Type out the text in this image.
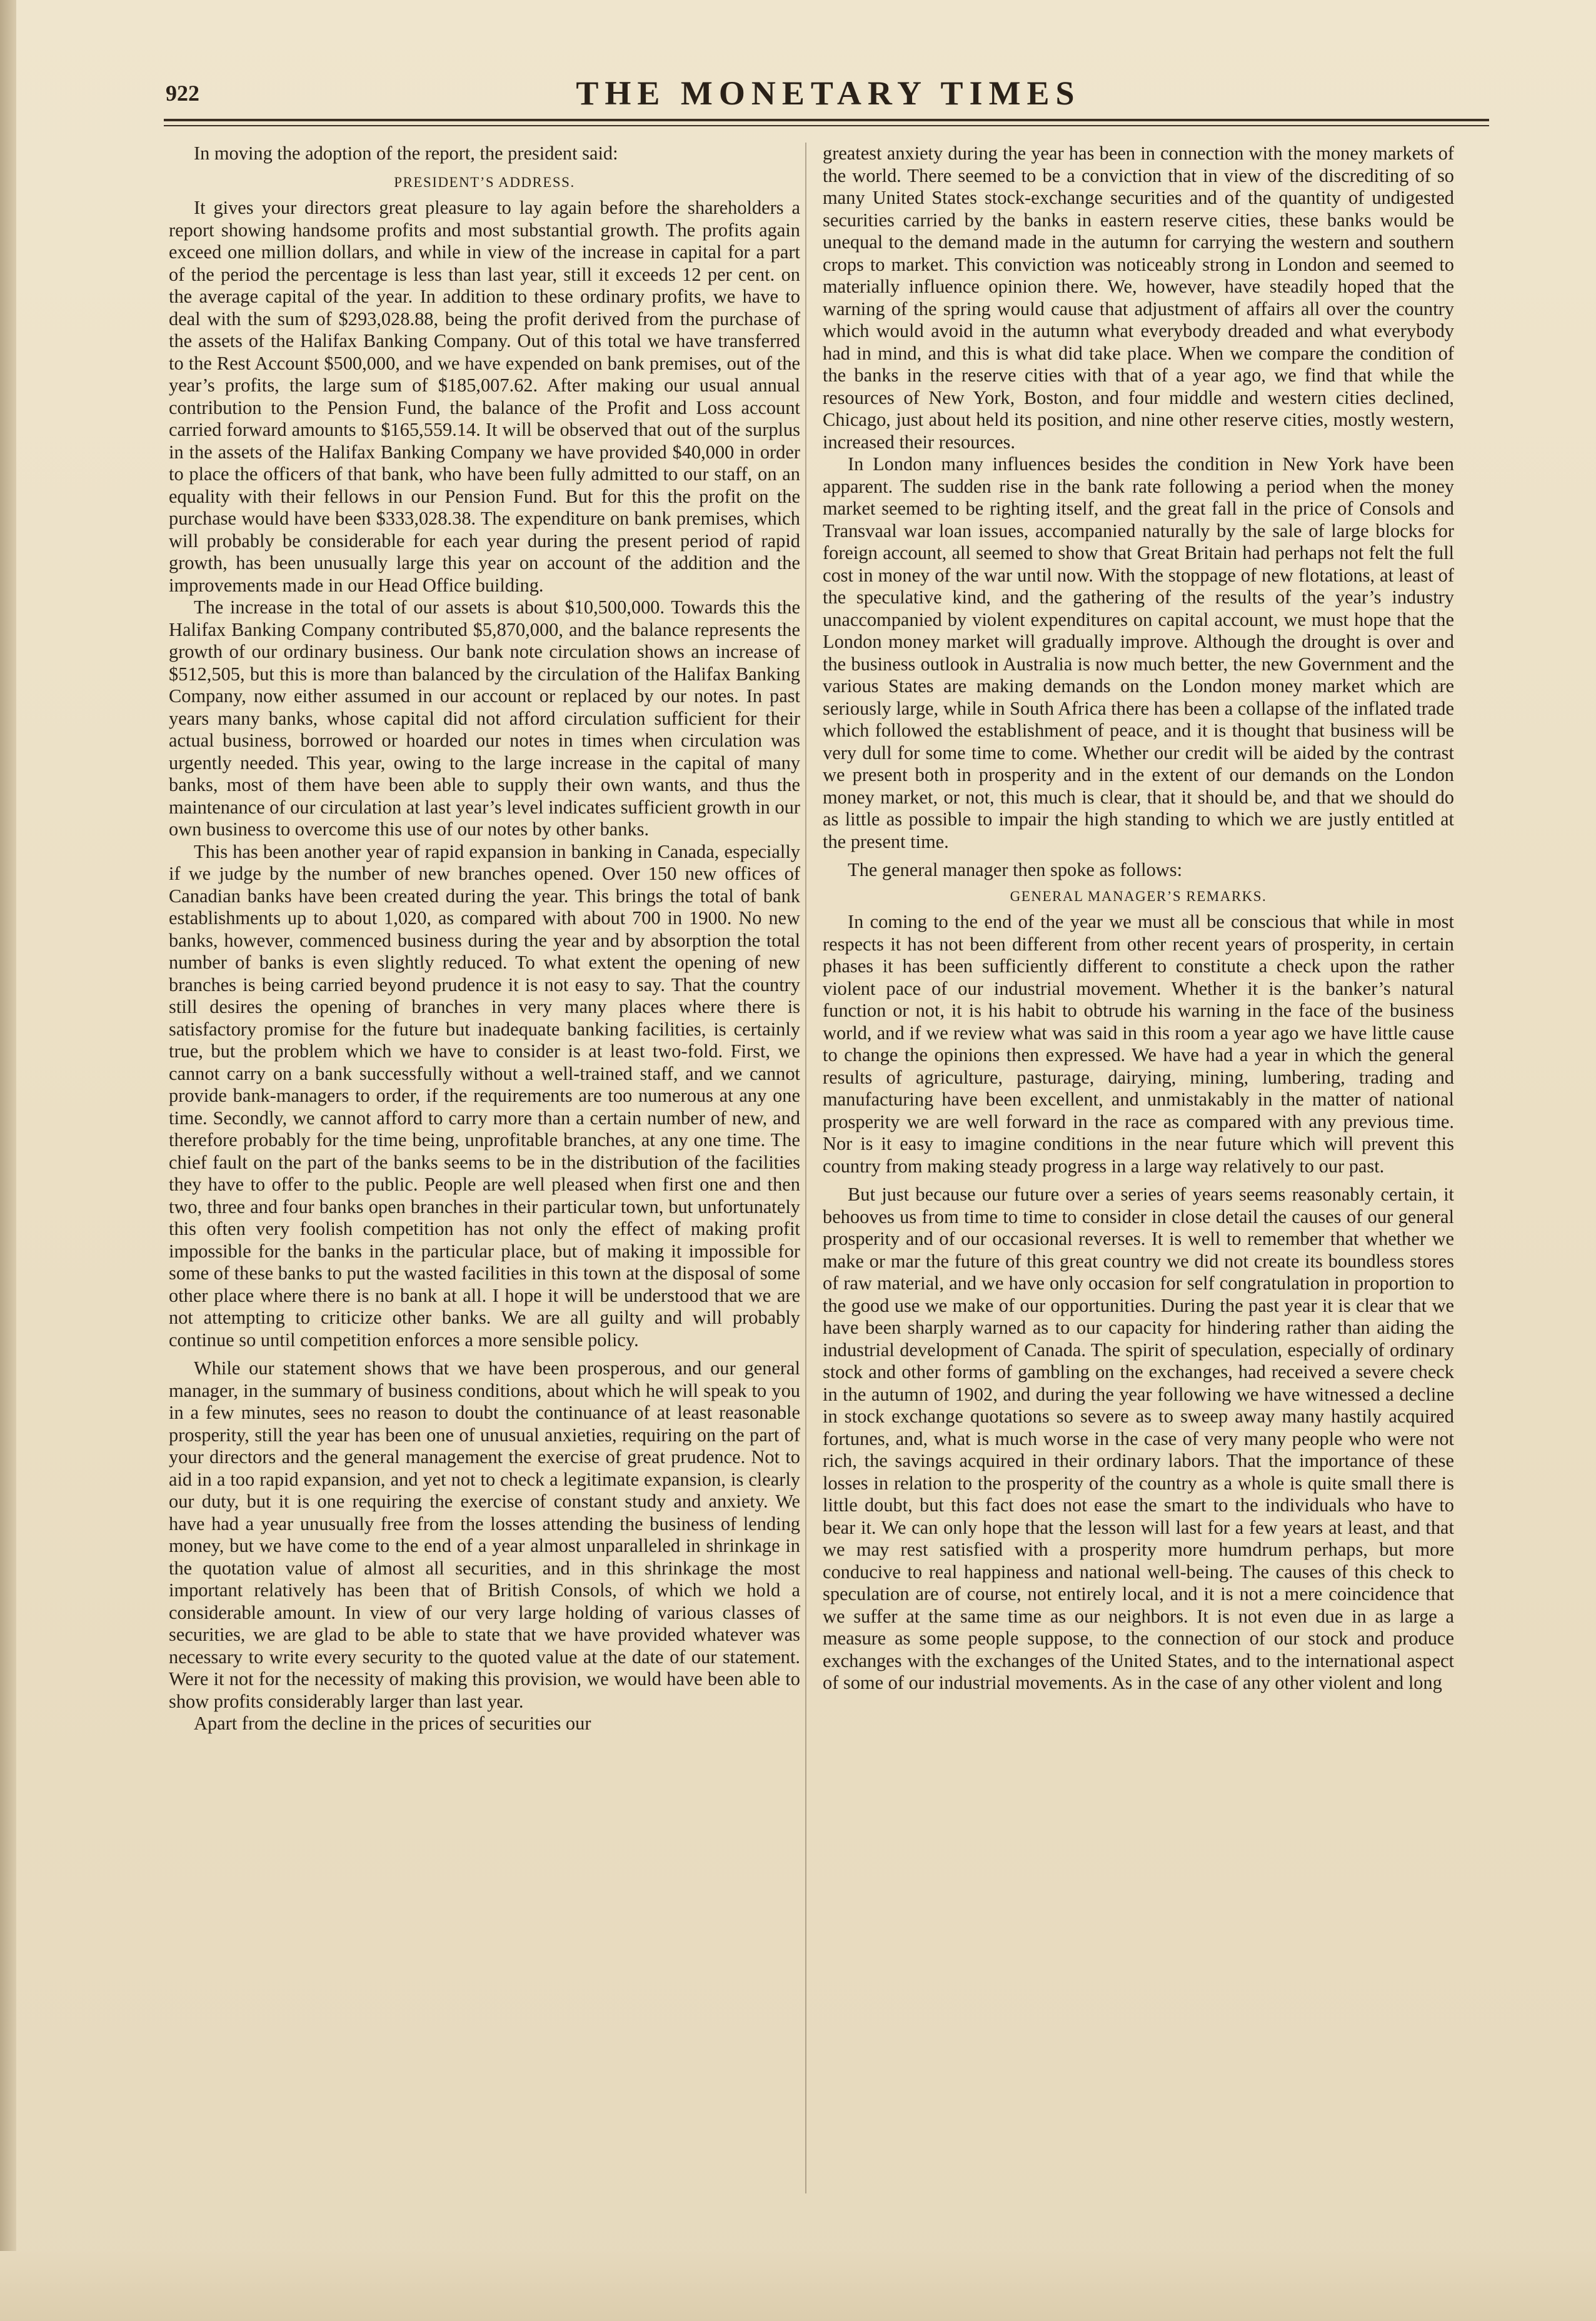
922	THE MONETARY TIMES

In moving the adoption of the report, the president said:

PRESIDENT’S ADDRESS.

It gives your directors great pleasure to lay again before the shareholders a report showing handsome profits and most substantial growth. The profits again exceed one million dollars, and while in view of the increase in capital for a part of the period the percentage is less than last year, still it exceeds 12 per cent. on the average capital of the year. In addition to these ordinary profits, we have to deal with the sum of $293,028.88, being the profit derived from the purchase of the assets of the Halifax Banking Company. Out of this total we have transferred to the Rest Account $500,000, and we have expended on bank premises, out of the year’s profits, the large sum of $185,007.62. After making our usual annual contribution to the Pension Fund, the balance of the Profit and Loss account carried forward amounts to $165,559.14. It will be observed that out of the surplus in the assets of the Halifax Banking Company we have provided $40,000 in order to place the officers of that bank, who have been fully admitted to our staff, on an equality with their fellows in our Pension Fund. But for this the profit on the purchase would have been $333,028.38. The expenditure on bank premises, which will probably be considerable for each year during the present period of rapid growth, has been unusually large this year on account of the addition and the improvements made in our Head Office building.

The increase in the total of our assets is about $10,500,000. Towards this the Halifax Banking Company contributed $5,870,000, and the balance represents the growth of our ordinary business. Our bank note circulation shows an increase of $512,505, but this is more than balanced by the circulation of the Halifax Banking Company, now either assumed in our account or replaced by our notes. In past years many banks, whose capital did not afford circulation sufficient for their actual business, borrowed or hoarded our notes in times when circulation was urgently needed. This year, owing to the large increase in the capital of many banks, most of them have been able to supply their own wants, and thus the maintenance of our circulation at last year’s level indicates sufficient growth in our own business to overcome this use of our notes by other banks.

This has been another year of rapid expansion in banking in Canada, especially if we judge by the number of new branches opened. Over 150 new offices of Canadian banks have been created during the year. This brings the total of bank establishments up to about 1,020, as compared with about 700 in 1900. No new banks, however, commenced business during the year and by absorption the total number of banks is even slightly reduced. To what extent the opening of new branches is being carried beyond prudence it is not easy to say. That the country still desires the opening of branches in very many places where there is satisfactory promise for the future but inadequate banking facilities, is certainly true, but the problem which we have to consider is at least two-fold. First, we cannot carry on a bank successfully without a well-trained staff, and we cannot provide bank-managers to order, if the requirements are too numerous at any one time. Secondly, we cannot afford to carry more than a certain number of new, and therefore probably for the time being, unprofitable branches, at any one time. The chief fault on the part of the banks seems to be in the distribution of the facilities they have to offer to the public. People are well pleased when first one and then two, three and four banks open branches in their particular town, but unfortunately this often very foolish competition has not only the effect of making profit impossible for the banks in the particular place, but of making it impossible for some of these banks to put the wasted facilities in this town at the disposal of some other place where there is no bank at all. I hope it will be understood that we are not attempting to criticize other banks. We are all guilty and will probably continue so until competition enforces a more sensible policy.

While our statement shows that we have been prosperous, and our general manager, in the summary of business conditions, about which he will speak to you in a few minutes, sees no reason to doubt the continuance of at least reasonable prosperity, still the year has been one of unusual anxieties, requiring on the part of your directors and the general management the exercise of great prudence. Not to aid in a too rapid expansion, and yet not to check a legitimate expansion, is clearly our duty, but it is one requiring the exercise of constant study and anxiety. We have had a year unusually free from the losses attending the business of lending money, but we have come to the end of a year almost unparalleled in shrinkage in the quotation value of almost all securities, and in this shrinkage the most important relatively has been that of British Consols, of which we hold a considerable amount. In view of our very large holding of various classes of securities, we are glad to be able to state that we have provided whatever was necessary to write every security to the quoted value at the date of our statement. Were it not for the necessity of making this provision, we would have been able to show profits considerably larger than last year.

Apart from the decline in the prices of securities our

greatest anxiety during the year has been in connection with the money markets of the world. There seemed to be a conviction that in view of the discrediting of so many United States stock-exchange securities and of the quantity of undigested securities carried by the banks in eastern reserve cities, these banks would be unequal to the demand made in the autumn for carrying the western and southern crops to market. This conviction was noticeably strong in London and seemed to materially influence opinion there. We, however, have steadily hoped that the warning of the spring would cause that adjustment of affairs all over the country which would avoid in the autumn what everybody dreaded and what everybody had in mind, and this is what did take place. When we compare the condition of the banks in the reserve cities with that of a year ago, we find that while the resources of New York, Boston, and four middle and western cities declined, Chicago, just about held its position, and nine other reserve cities, mostly western, increased their resources.

In London many influences besides the condition in New York have been apparent. The sudden rise in the bank rate following a period when the money market seemed to be righting itself, and the great fall in the price of Consols and Transvaal war loan issues, accompanied naturally by the sale of large blocks for foreign account, all seemed to show that Great Britain had perhaps not felt the full cost in money of the war until now. With the stoppage of new flotations, at least of the speculative kind, and the gathering of the results of the year’s industry unaccompanied by violent expenditures on capital account, we must hope that the London money market will gradually improve. Although the drought is over and the business outlook in Australia is now much better, the new Government and the various States are making demands on the London money market which are seriously large, while in South Africa there has been a collapse of the inflated trade which followed the establishment of peace, and it is thought that business will be very dull for some time to come. Whether our credit will be aided by the contrast we present both in prosperity and in the extent of our demands on the London money market, or not, this much is clear, that it should be, and that we should do as little as possible to impair the high standing to which we are justly entitled at the present time.

The general manager then spoke as follows:

GENERAL MANAGER’S REMARKS.

In coming to the end of the year we must all be conscious that while in most respects it has not been different from other recent years of prosperity, in certain phases it has been sufficiently different to constitute a check upon the rather violent pace of our industrial movement. Whether it is the banker’s natural function or not, it is his habit to obtrude his warning in the face of the business world, and if we review what was said in this room a year ago we have little cause to change the opinions then expressed. We have had a year in which the general results of agriculture, pasturage, dairying, mining, lumbering, trading and manufacturing have been excellent, and unmistakably in the matter of national prosperity we are well forward in the race as compared with any previous time. Nor is it easy to imagine conditions in the near future which will prevent this country from making steady progress in a large way relatively to our past.

But just because our future over a series of years seems reasonably certain, it behooves us from time to time to consider in close detail the causes of our general prosperity and of our occasional reverses. It is well to remember that whether we make or mar the future of this great country we did not create its boundless stores of raw material, and we have only occasion for self congratulation in proportion to the good use we make of our opportunities. During the past year it is clear that we have been sharply warned as to our capacity for hindering rather than aiding the industrial development of Canada. The spirit of speculation, especially of ordinary stock and other forms of gambling on the exchanges, had received a severe check in the autumn of 1902, and during the year following we have witnessed a decline in stock exchange quotations so severe as to sweep away many hastily acquired fortunes, and, what is much worse in the case of very many people who were not rich, the savings acquired in their ordinary labors. That the importance of these losses in relation to the prosperity of the country as a whole is quite small there is little doubt, but this fact does not ease the smart to the individuals who have to bear it. We can only hope that the lesson will last for a few years at least, and that we may rest satisfied with a prosperity more humdrum perhaps, but more conducive to real happiness and national well-being. The causes of this check to speculation are of course, not entirely local, and it is not a mere coincidence that we suffer at the same time as our neighbors. It is not even due in as large a measure as some people suppose, to the connection of our stock and produce exchanges with the exchanges of the United States, and to the international aspect of some of our industrial movements. As in the case of any other violent and long
